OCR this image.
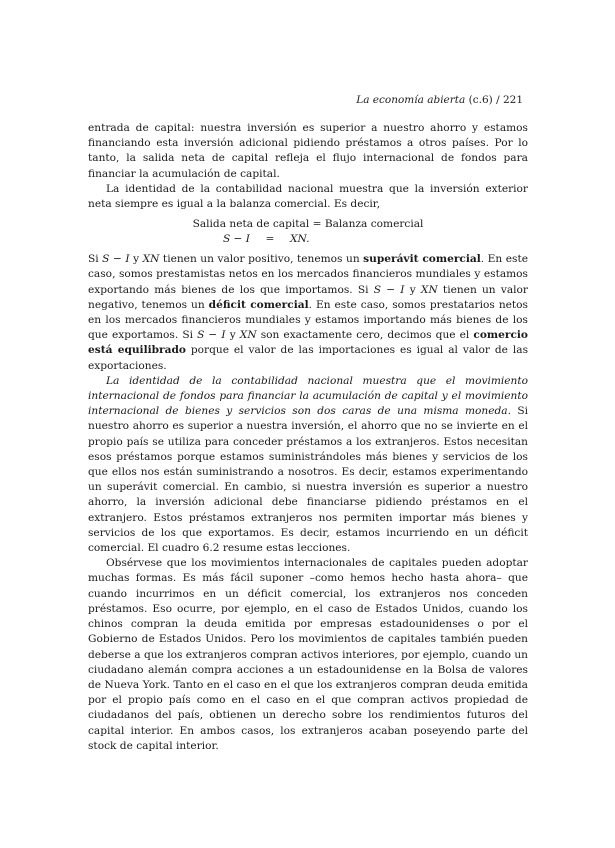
La economía abierta (c.6) / 221

entrada de capital: nuestra inversión es superior a nuestro ahorro y estamos financiando esta inversión adicional pidiendo préstamos a otros países. Por lo tanto, la salida neta de capital refleja el flujo internacional de fondos para financiar la acumulación de capital.

La identidad de la contabilidad nacional muestra que la inversión exterior neta siempre es igual a la balanza comercial. Es decir,

Salida neta de capital = Balanza comercial
S − I	=	XN.

Si S − I y XN tienen un valor positivo, tenemos un superávit comercial. En este caso, somos prestamistas netos en los mercados financieros mundiales y estamos exportando más bienes de los que importamos. Si S − I y XN tienen un valor negativo, tenemos un déficit comercial. En este caso, somos prestatarios netos en los mercados financieros mundiales y estamos importando más bienes de los que exportamos. Si S − I y XN son exactamente cero, decimos que el comercio está equilibrado porque el valor de las importaciones es igual al valor de las exportaciones.

La identidad de la contabilidad nacional muestra que el movimiento internacional de fondos para financiar la acumulación de capital y el movimiento internacional de bienes y servicios son dos caras de una misma moneda. Si nuestro ahorro es superior a nuestra inversión, el ahorro que no se invierte en el propio país se utiliza para conceder préstamos a los extranjeros. Estos necesitan esos préstamos porque estamos suministrándoles más bienes y servicios de los que ellos nos están suministrando a nosotros. Es decir, estamos experimentando un superávit comercial. En cambio, si nuestra inversión es superior a nuestro ahorro, la inversión adicional debe financiarse pidiendo préstamos en el extranjero. Estos préstamos extranjeros nos permiten importar más bienes y servicios de los que exportamos. Es decir, estamos incurriendo en un déficit comercial. El cuadro 6.2 resume estas lecciones.

Obsérvese que los movimientos internacionales de capitales pueden adoptar muchas formas. Es más fácil suponer –como hemos hecho hasta ahora– que cuando incurrimos en un déficit comercial, los extranjeros nos conceden préstamos. Eso ocurre, por ejemplo, en el caso de Estados Unidos, cuando los chinos compran la deuda emitida por empresas estadounidenses o por el Gobierno de Estados Unidos. Pero los movimientos de capitales también pueden deberse a que los extranjeros compran activos interiores, por ejemplo, cuando un ciudadano alemán compra acciones a un estadounidense en la Bolsa de valores de Nueva York. Tanto en el caso en el que los extranjeros compran deuda emitida por el propio país como en el caso en el que compran activos propiedad de ciudadanos del país, obtienen un derecho sobre los rendimientos futuros del capital interior. En ambos casos, los extranjeros acaban poseyendo parte del stock de capital interior.
